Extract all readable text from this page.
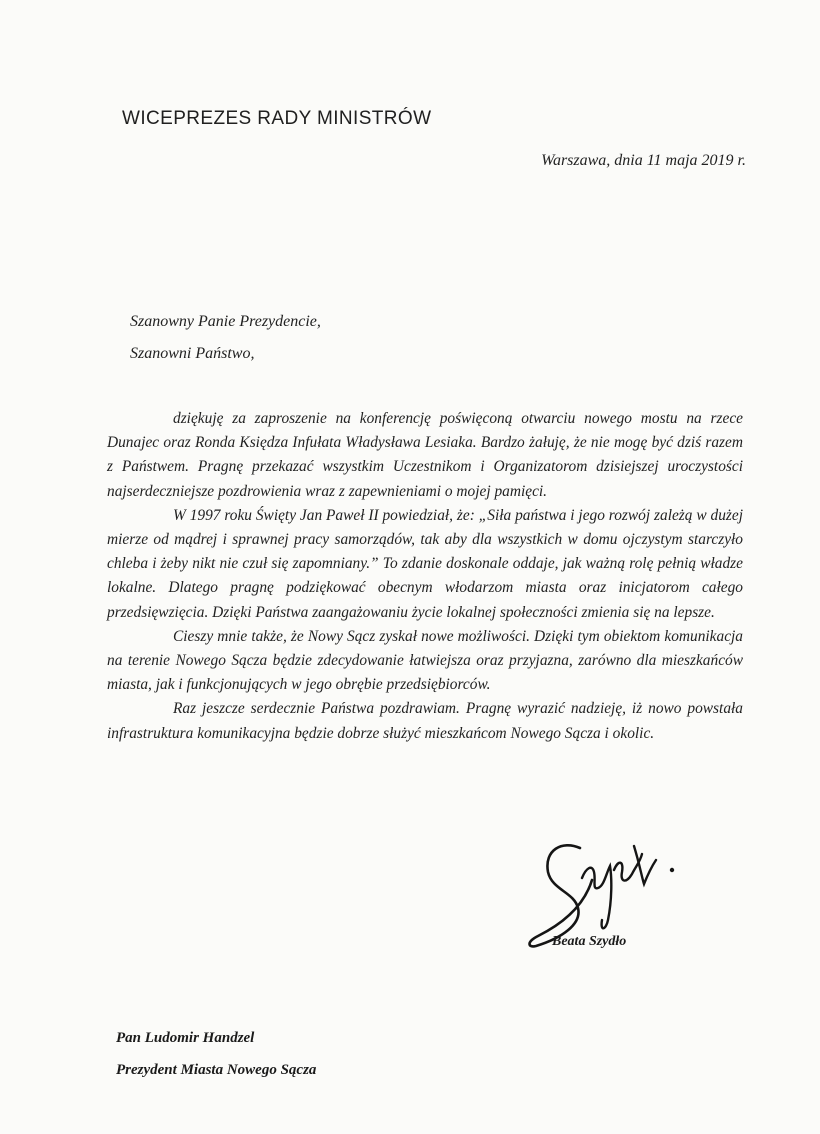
WICEPREZES RADY MINISTRÓW
Warszawa, dnia 11 maja 2019 r.
Szanowny Panie Prezydencie,
Szanowni Państwo,

dziękuję za zaproszenie na konferencję poświęconą otwarciu nowego mostu na rzece Dunajec oraz Ronda Księdza Infułata Władysława Lesiaka. Bardzo żałuję, że nie mogę być dziś razem z Państwem. Pragnę przekazać wszystkim Uczestnikom i Organizatorom dzisiejszej uroczystości najserdeczniejsze pozdrowienia wraz z zapewnieniami o mojej pamięci.

W 1997 roku Święty Jan Paweł II powiedział, że: „Siła państwa i jego rozwój zależą w dużej mierze od mądrej i sprawnej pracy samorządów, tak aby dla wszystkich w domu ojczystym starczyło chleba i żeby nikt nie czuł się zapomniany.” To zdanie doskonale oddaje, jak ważną rolę pełnią władze lokalne. Dlatego pragnę podziękować obecnym włodarzom miasta oraz inicjatorom całego przedsięwzięcia. Dzięki Państwa zaangażowaniu życie lokalnej społeczności zmienia się na lepsze.

Cieszy mnie także, że Nowy Sącz zyskał nowe możliwości. Dzięki tym obiektom komunikacja na terenie Nowego Sącza będzie zdecydowanie łatwiejsza oraz przyjazna, zarówno dla mieszkańców miasta, jak i funkcjonujących w jego obrębie przedsiębiorców.

Raz jeszcze serdecznie Państwa pozdrawiam. Pragnę wyrazić nadzieję, iż nowo powstała infrastruktura komunikacyjna będzie dobrze służyć mieszkańcom Nowego Sącza i okolic.

Beata Szydło
Pan Ludomir Handzel
Prezydent Miasta Nowego Sącza
